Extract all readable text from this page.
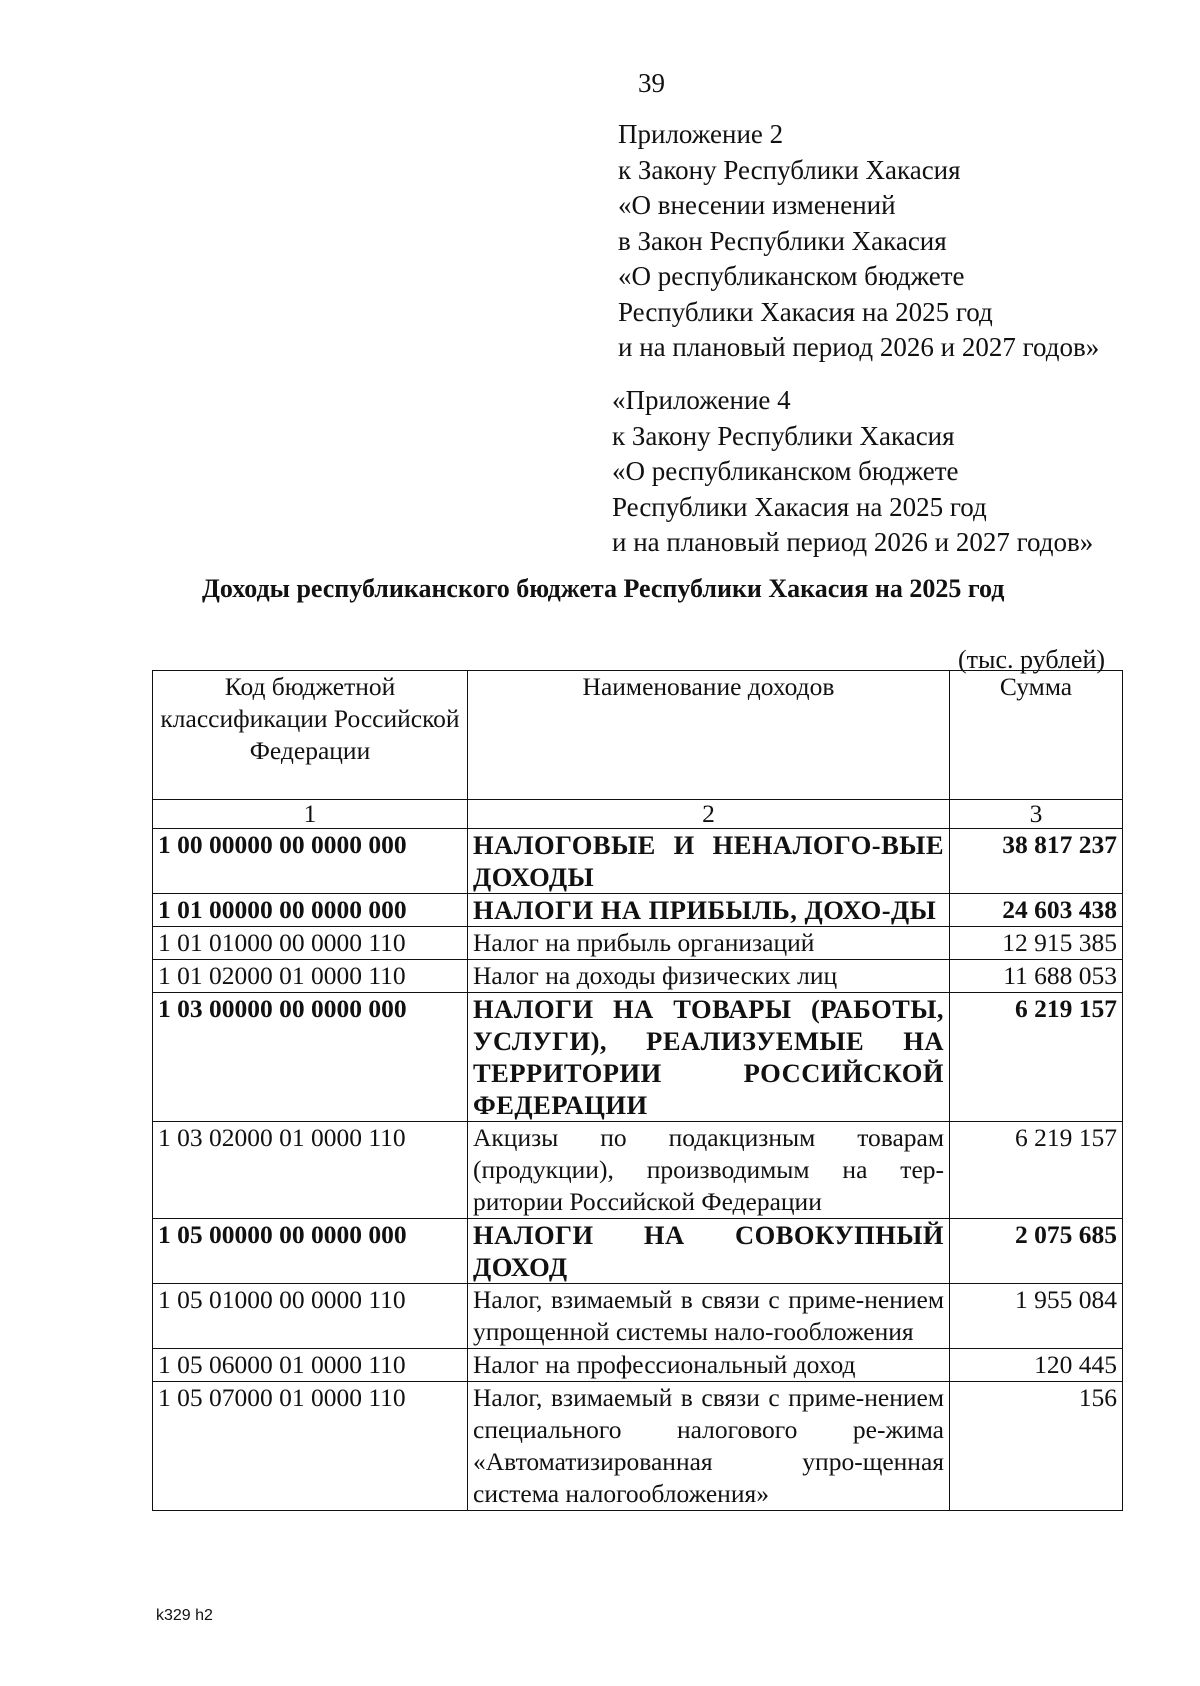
39
Приложение 2
к Закону Республики Хакасия
«О внесении изменений
в Закон Республики Хакасия
«О республиканском бюджете
Республики Хакасия на 2025 год
и на плановый период 2026 и 2027 годов»
«Приложение 4
к Закону Республики Хакасия
«О республиканском бюджете
Республики Хакасия на 2025 год
и на плановый период 2026 и 2027 годов»
Доходы республиканского бюджета Республики Хакасия на 2025 год
(тыс. рублей)
Код бюджетной классификации Российской Федерации	Наименование доходов	Сумма
1	2	3
1 00 00000 00 0000 000	НАЛОГОВЫЕ И НЕНАЛОГО-ВЫЕ ДОХОДЫ	38 817 237
1 01 00000 00 0000 000	НАЛОГИ НА ПРИБЫЛЬ, ДОХО-ДЫ	24 603 438
1 01 01000 00 0000 110	Налог на прибыль организаций	12 915 385
1 01 02000 01 0000 110	Налог на доходы физических лиц	11 688 053
1 03 00000 00 0000 000	НАЛОГИ НА ТОВАРЫ (РАБОТЫ, УСЛУГИ), РЕАЛИЗУЕМЫЕ НА ТЕРРИТОРИИ РОССИЙСКОЙ ФЕДЕРАЦИИ	6 219 157
1 03 02000 01 0000 110	Акцизы по подакцизным товарам (продукции), производимым на тер-ритории Российской Федерации	6 219 157
1 05 00000 00 0000 000	НАЛОГИ НА СОВОКУПНЫЙ ДОХОД	2 075 685
1 05 01000 00 0000 110	Налог, взимаемый в связи с приме-нением упрощенной системы нало-гообложения	1 955 084
1 05 06000 01 0000 110	Налог на профессиональный доход	120 445
1 05 07000 01 0000 110	Налог, взимаемый в связи с приме-нением специального налогового ре-жима «Автоматизированная упро-щенная система налогообложения»	156
k329 h2
